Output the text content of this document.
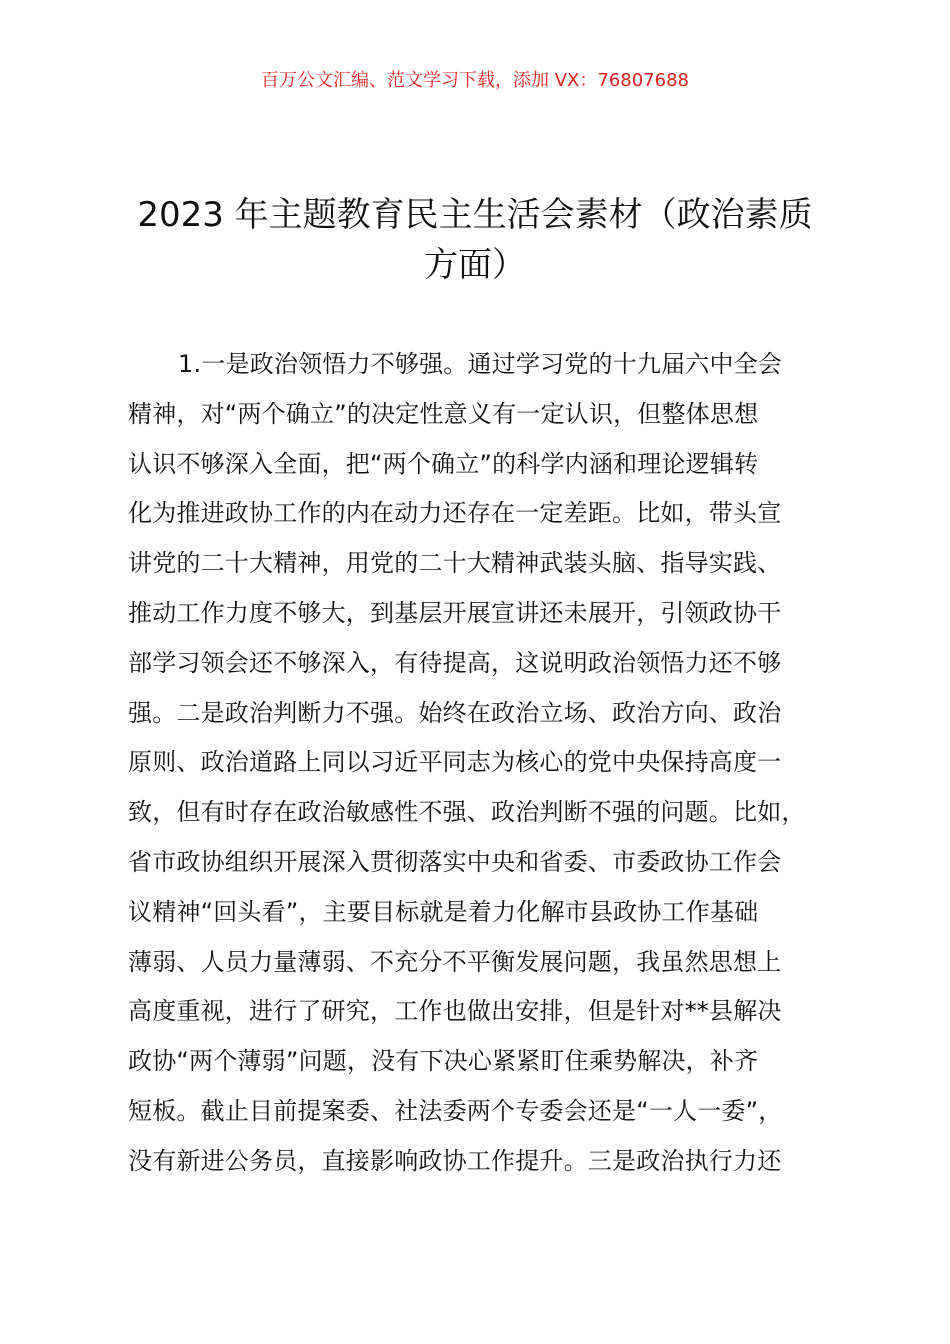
百万公文汇编、范文学习下载，添加 VX：76807688
2023 年主题教育民主生活会素材（政治素质
方面）
1.一是政治领悟力不够强。通过学习党的十九届六中全会
精神，对“两个确立”的决定性意义有一定认识，但整体思想
认识不够深入全面，把“两个确立”的科学内涵和理论逻辑转
化为推进政协工作的内在动力还存在一定差距。比如，带头宣
讲党的二十大精神，用党的二十大精神武装头脑、指导实践、
推动工作力度不够大，到基层开展宣讲还未展开，引领政协干
部学习领会还不够深入，有待提高，这说明政治领悟力还不够
强。二是政治判断力不强。始终在政治立场、政治方向、政治
原则、政治道路上同以习近平同志为核心的党中央保持高度一
致，但有时存在政治敏感性不强、政治判断不强的问题。比如，
省市政协组织开展深入贯彻落实中央和省委、市委政协工作会
议精神“回头看”，主要目标就是着力化解市县政协工作基础
薄弱、人员力量薄弱、不充分不平衡发展问题，我虽然思想上
高度重视，进行了研究，工作也做出安排，但是针对**县解决
政协“两个薄弱”问题，没有下决心紧紧盯住乘势解决，补齐
短板。截止目前提案委、社法委两个专委会还是“一人一委”，
没有新进公务员，直接影响政协工作提升。三是政治执行力还
